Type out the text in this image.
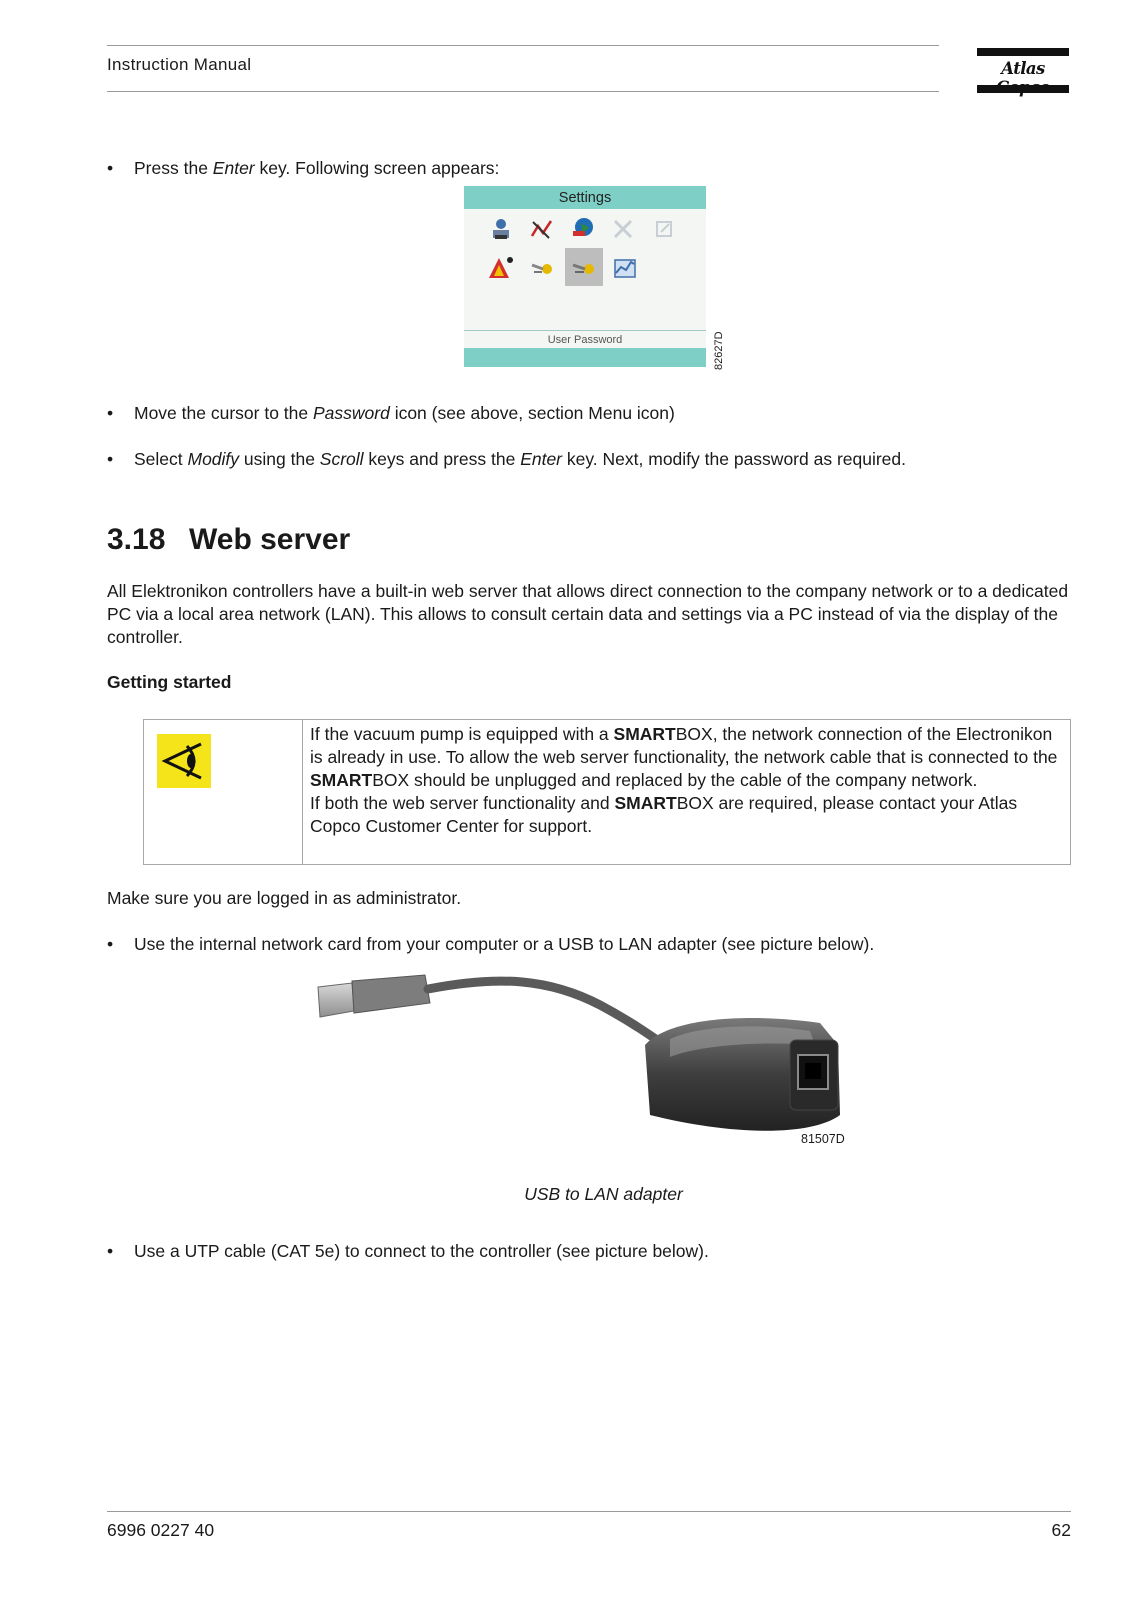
Instruction Manual	Atlas
• Press the Enter key. Following screen appears:
Settings
User Password	82627D
• Move the cursor to the Password icon (see above, section Menu icon)
• Select Modify using the Scroll keys and press the Enter key. Next, modify the password as required.
3.18 Web server
All Elektronikon controllers have a built-in web server that allows direct connection to the company network or to a dedicated PC via a local area network (LAN). This allows to consult certain data and settings via a PC instead of via the display of the controller.
Getting started
If the vacuum pump is equipped with a SMARTBOX, the network connection of the Electronikon is already in use. To allow the web server functionality, the network cable that is connected to the SMARTBOX should be unplugged and replaced by the cable of the company network.
If both the web server functionality and SMARTBOX are required, please contact your Atlas Copco Customer Center for support.
Make sure you are logged in as administrator.
• Use the internal network card from your computer or a USB to LAN adapter (see picture below).
81507D
USB to LAN adapter
• Use a UTP cable (CAT 5e) to connect to the controller (see picture below).
6996 0227 40	62
